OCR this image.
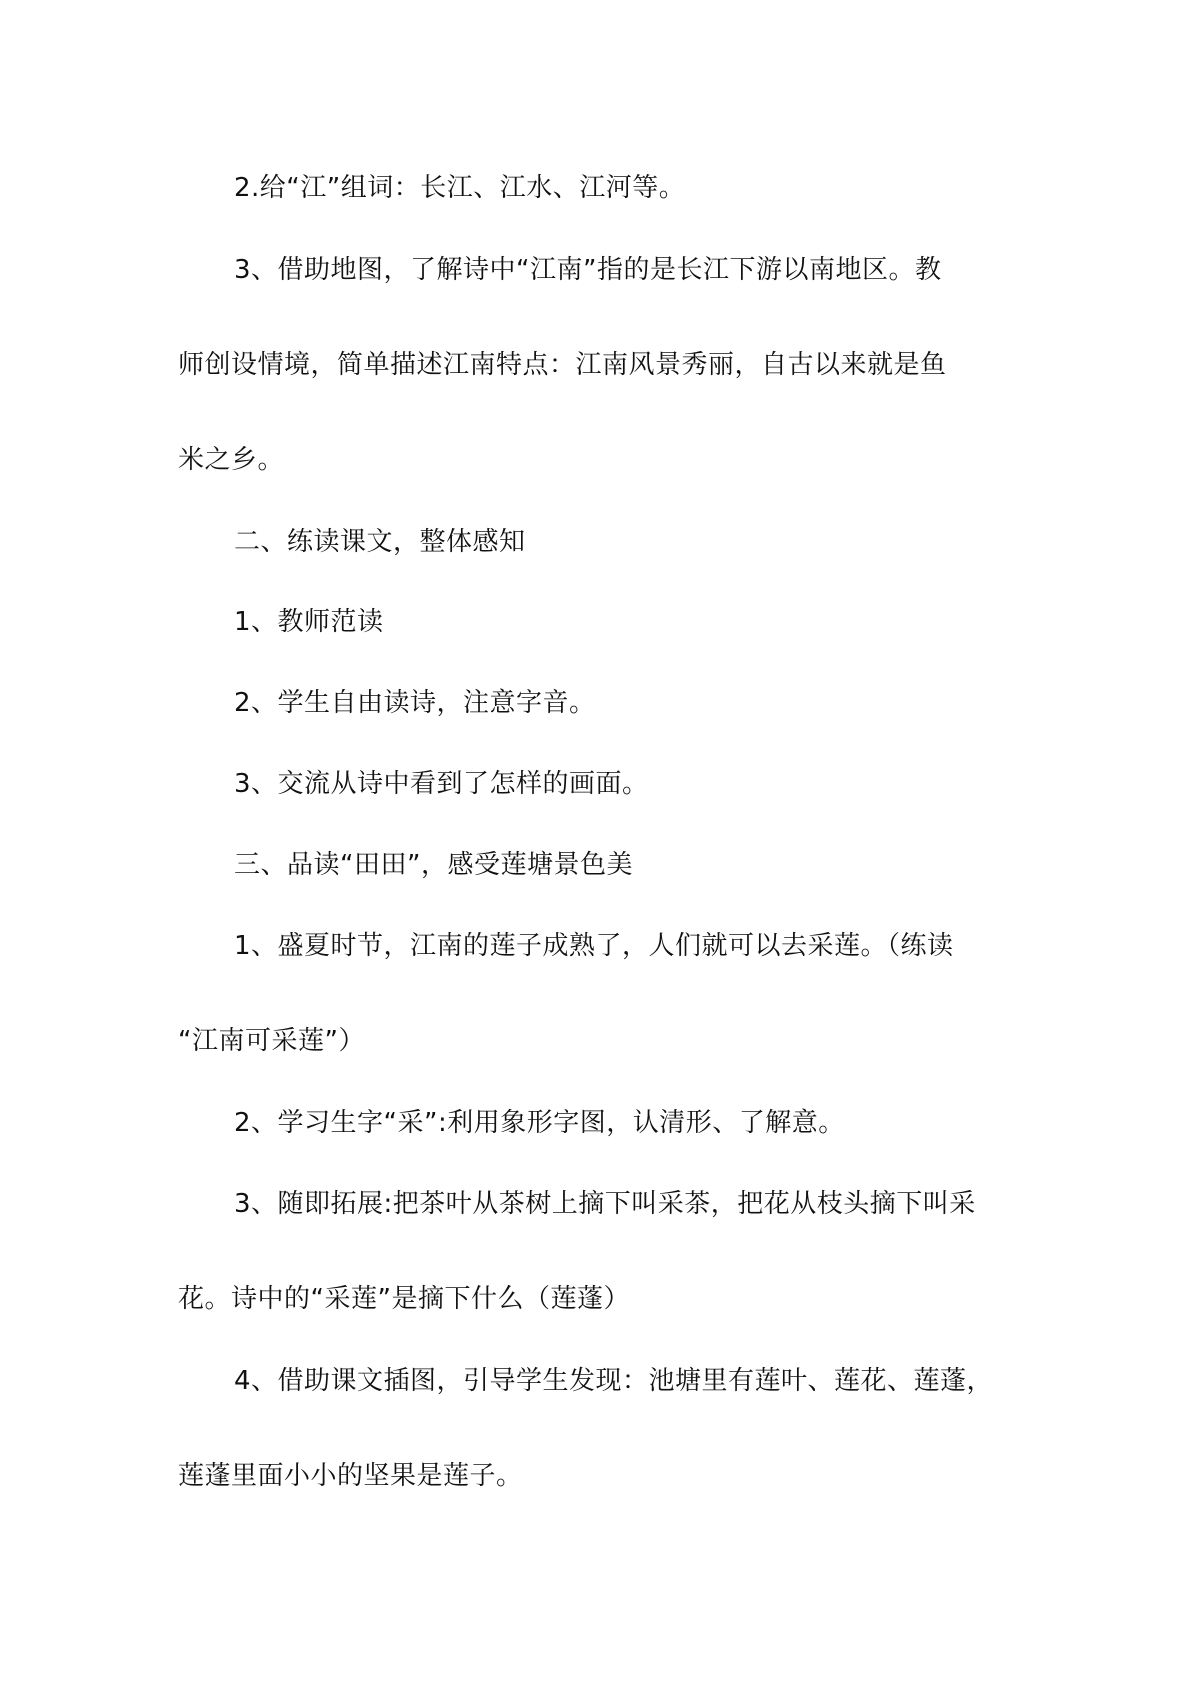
2.给“江”组词：长江、江水、江河等。
3、借助地图，了解诗中“江南”指的是长江下游以南地区。教
师创设情境，简单描述江南特点：江南风景秀丽，自古以来就是鱼
米之乡。
二、练读课文，整体感知
1、教师范读
2、学生自由读诗，注意字音。
3、交流从诗中看到了怎样的画面。
三、品读“田田”，感受莲塘景色美
1、盛夏时节，江南的莲子成熟了，人们就可以去采莲。（练读
“江南可采莲”）
2、学习生字“采”:利用象形字图，认清形、了解意。
3、随即拓展:把茶叶从茶树上摘下叫采茶，把花从枝头摘下叫采
花。诗中的“采莲”是摘下什么（莲蓬）
4、借助课文插图，引导学生发现：池塘里有莲叶、莲花、莲蓬，
莲蓬里面小小的坚果是莲子。
